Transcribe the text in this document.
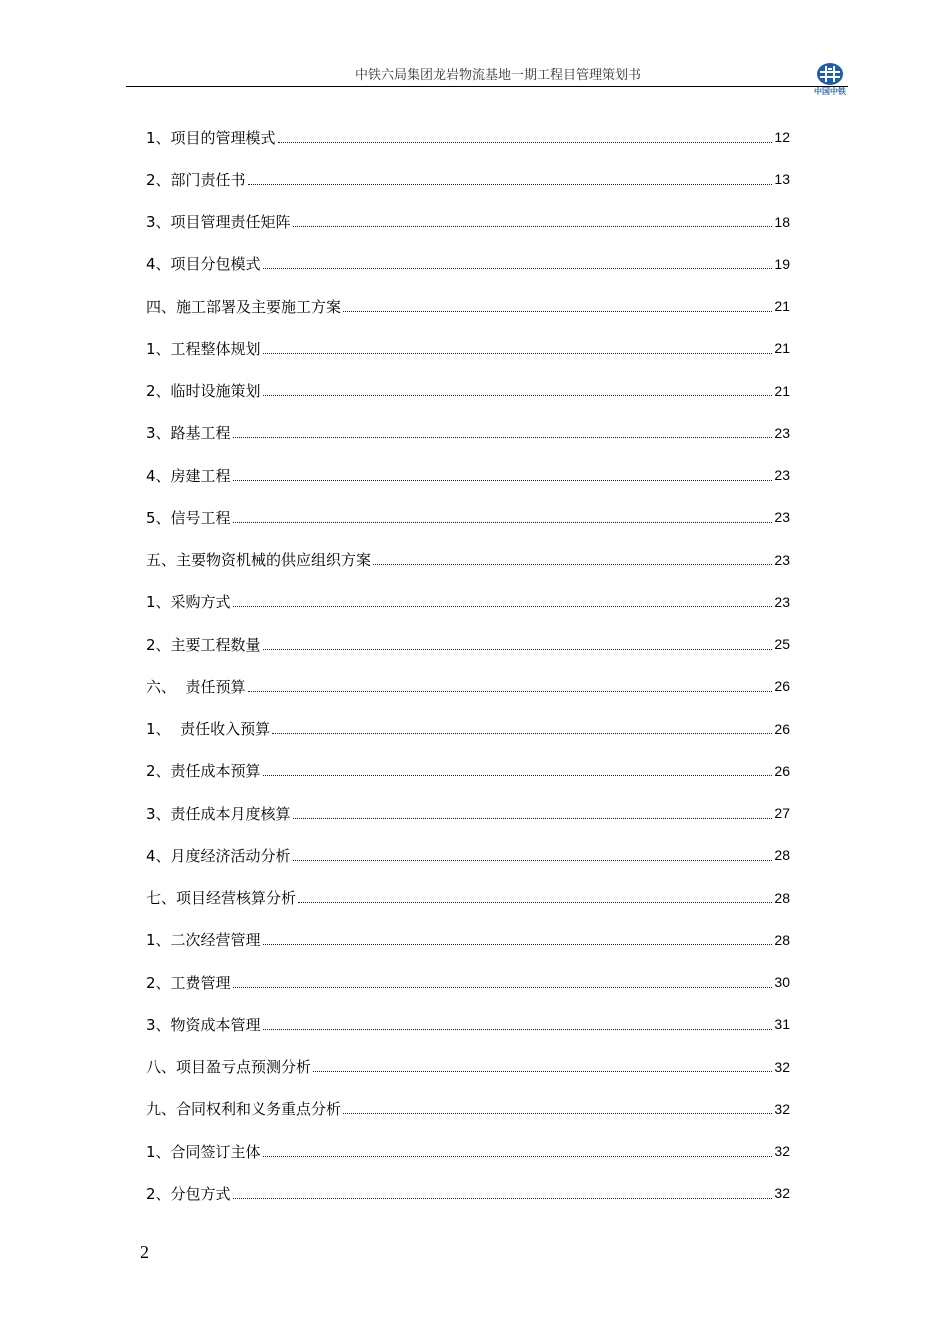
中铁六局集团龙岩物流基地一期工程目管理策划书
中国中铁
1、项目的管理模式	12
2、部门责任书	13
3、项目管理责任矩阵	18
4、项目分包模式	19
四、施工部署及主要施工方案	21
1、工程整体规划	21
2、临时设施策划	21
3、路基工程	23
4、房建工程	23
5、信号工程	23
五、主要物资机械的供应组织方案	23
1、采购方式	23
2、主要工程数量	25
六、  责任预算	26
1、  责任收入预算	26
2、责任成本预算	26
3、责任成本月度核算	27
4、月度经济活动分析	28
七、项目经营核算分析	28
1、二次经营管理	28
2、工费管理	30
3、物资成本管理	31
八、项目盈亏点预测分析	32
九、合同权利和义务重点分析	32
1、合同签订主体	32
2、分包方式	32
2
